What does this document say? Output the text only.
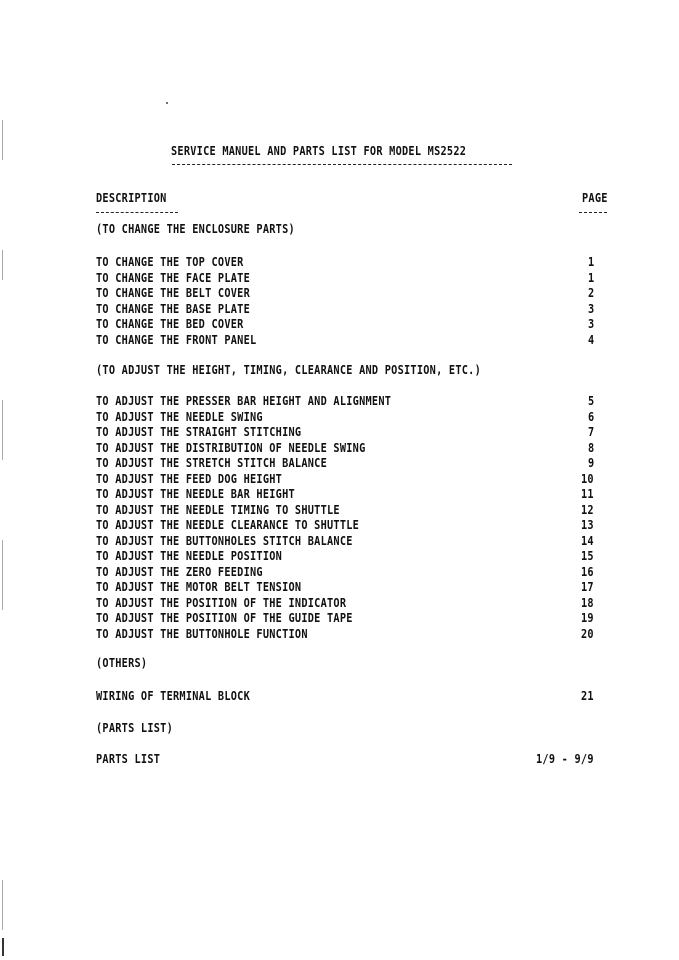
SERVICE MANUEL AND PARTS LIST FOR MODEL MS2522
DESCRIPTION	PAGE
(TO CHANGE THE ENCLOSURE PARTS)
TO CHANGE THE TOP COVER
TO CHANGE THE FACE PLATE
TO CHANGE THE BELT COVER
TO CHANGE THE BASE PLATE
TO CHANGE THE BED COVER
TO CHANGE THE FRONT PANEL
(TO ADJUST THE HEIGHT, TIMING, CLEARANCE AND POSITION, ETC.)
TO ADJUST THE PRESSER BAR HEIGHT AND ALIGNMENT
TO ADJUST THE NEEDLE SWING
TO ADJUST THE STRAIGHT STITCHING
TO ADJUST THE DISTRIBUTION OF NEEDLE SWING
TO ADJUST THE STRETCH STITCH BALANCE
TO ADJUST THE FEED DOG HEIGHT
TO ADJUST THE NEEDLE BAR HEIGHT
TO ADJUST THE NEEDLE TIMING TO SHUTTLE
TO ADJUST THE NEEDLE CLEARANCE TO SHUTTLE
TO ADJUST THE BUTTONHOLES STITCH BALANCE
TO ADJUST THE NEEDLE POSITION
TO ADJUST THE ZERO FEEDING
TO ADJUST THE MOTOR BELT TENSION
TO ADJUST THE POSITION OF THE INDICATOR
TO ADJUST THE POSITION OF THE GUIDE TAPE
TO ADJUST THE BUTTONHOLE FUNCTION
(OTHERS)
WIRING OF TERMINAL BLOCK
(PARTS LIST)
PARTS LIST
1
1
2
3
3
4
5
6
7
8
9
10
11
12
13
14
15
16
17
18
19
20
21
1/9 - 9/9
